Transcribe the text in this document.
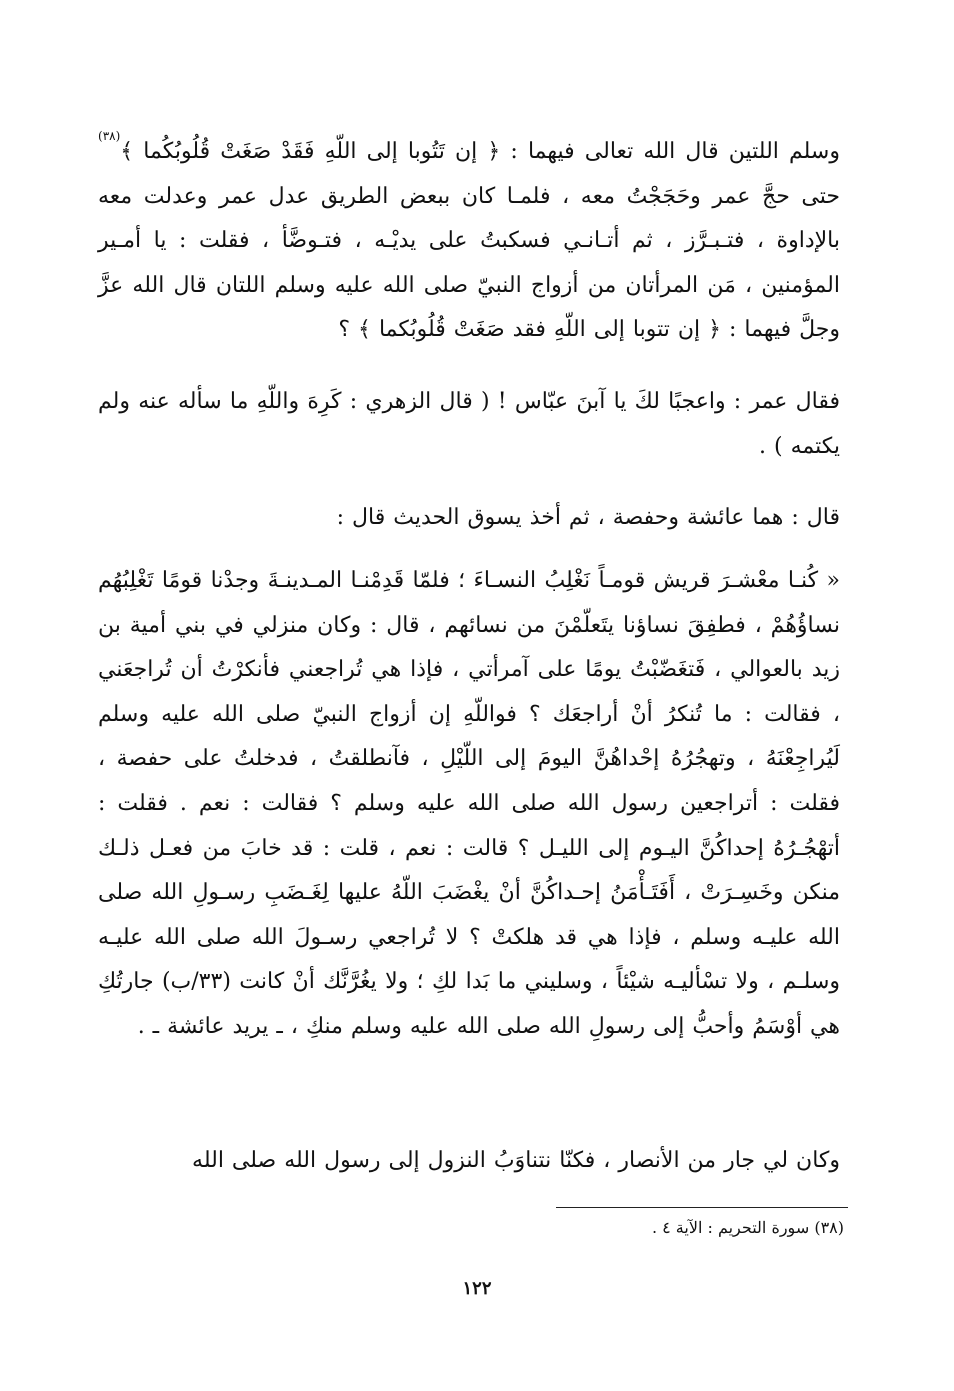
وسلم اللتين قال الله تعالى فيهما : ﴿ إن تَتُوبا إلى اللّهِ فَقَدْ صَغَتْ قُلُوبُكُما ﴾$^{(٣٨)}$ حتى حجَّ عمر وحَجَجْتُ معه ، فلمـا كان ببعض الطريق عدل عمر وعدلت معه بالإداوة ، فتـبـرَّز ، ثم أتـانـي فسكبتُ على يديْـه ، فتـوضَّأ ، فقلت : يا أمـير المؤمنين ، مَن المرأتان من أزواج النبيّ صلى الله عليه وسلم اللتان قال الله عزَّ وجلَّ فيهما : ﴿ إن تتوبا إلى اللّهِ فقد صَغَتْ قُلُوبُكما ﴾ ؟
فقال عمر : واعجبًا لكَ يا آبنَ عبّاس ! ( قال الزهري : كَرِهَ واللّهِ ما سأله عنه ولم يكتمه ) .
قال : هما عائشة وحفصة ، ثم أخذ يسوق الحديث قال :
« كُنـا معْشـرَ قريش قومـاً نَغْلِبُ النسـاءَ ؛ فلمّا قَدِمْنـا المـدينـةَ وجدْنا قومًا تَغْلِبُهُم نساؤُهُمْ ، فطفِقَ نساؤنا يتَعلّمْنَ من نسائهم ، قال : وكان منزلي في بني أمية بن زيد بالعوالي ، فَتغَضّبْتُ يومًا على آمرأتي ، فإذا هي تُراجعني فأنكرْتُ أن تُراجعَني ، فقالت : ما تُنكرُ أنْ أراجعَك ؟ فواللّهِ إن أزواج النبيّ صلى الله عليه وسلم لَيُراجِعْنَهُ ، وتهجُرُهُ إحْداهُنَّ اليومَ إلى اللّيْلِ ، فآنطلقتُ ، فدخلتُ على حفصة ، فقلت : أتراجعين رسول الله صلى الله عليه وسلم ؟ فقالت : نعم . فقلت : أتهْجُـرُهُ إحداكُنَّ اليـوم إلى الليـل ؟ قالت : نعم ، قلت : قد خابَ من فعـل ذلـك منكن وخَسِـرَتْ ، أَفَتَـأْمَنُ إحـداكُنَّ أنْ يغْضَبَ اللّهُ عليها لِغَـضَبِ رسـولِ الله صلى الله عليـه وسلم ، فإذا هي قد هلكتْ ؟ لا تُراجعي رسـولَ الله صلى الله عليـه وسلـم ، ولا تسْأليـه شيْئاً ، وسليني ما بَدا لكِ ؛ ولا يغُرَّنَّك أنْ كانت (٣٣/ب) جارتُكِ هي أوْسَمُ وأحبُّ إلى رسولِ الله صلى الله عليه وسلم منكِ ، ـ يريد عائشة ـ .
وكان لي جار من الأنصار ، فكنّا نتناوَبُ النزول إلى رسول الله صلى الله

(٣٨) سورة التحريم : الآية ٤ .

١٢٢
